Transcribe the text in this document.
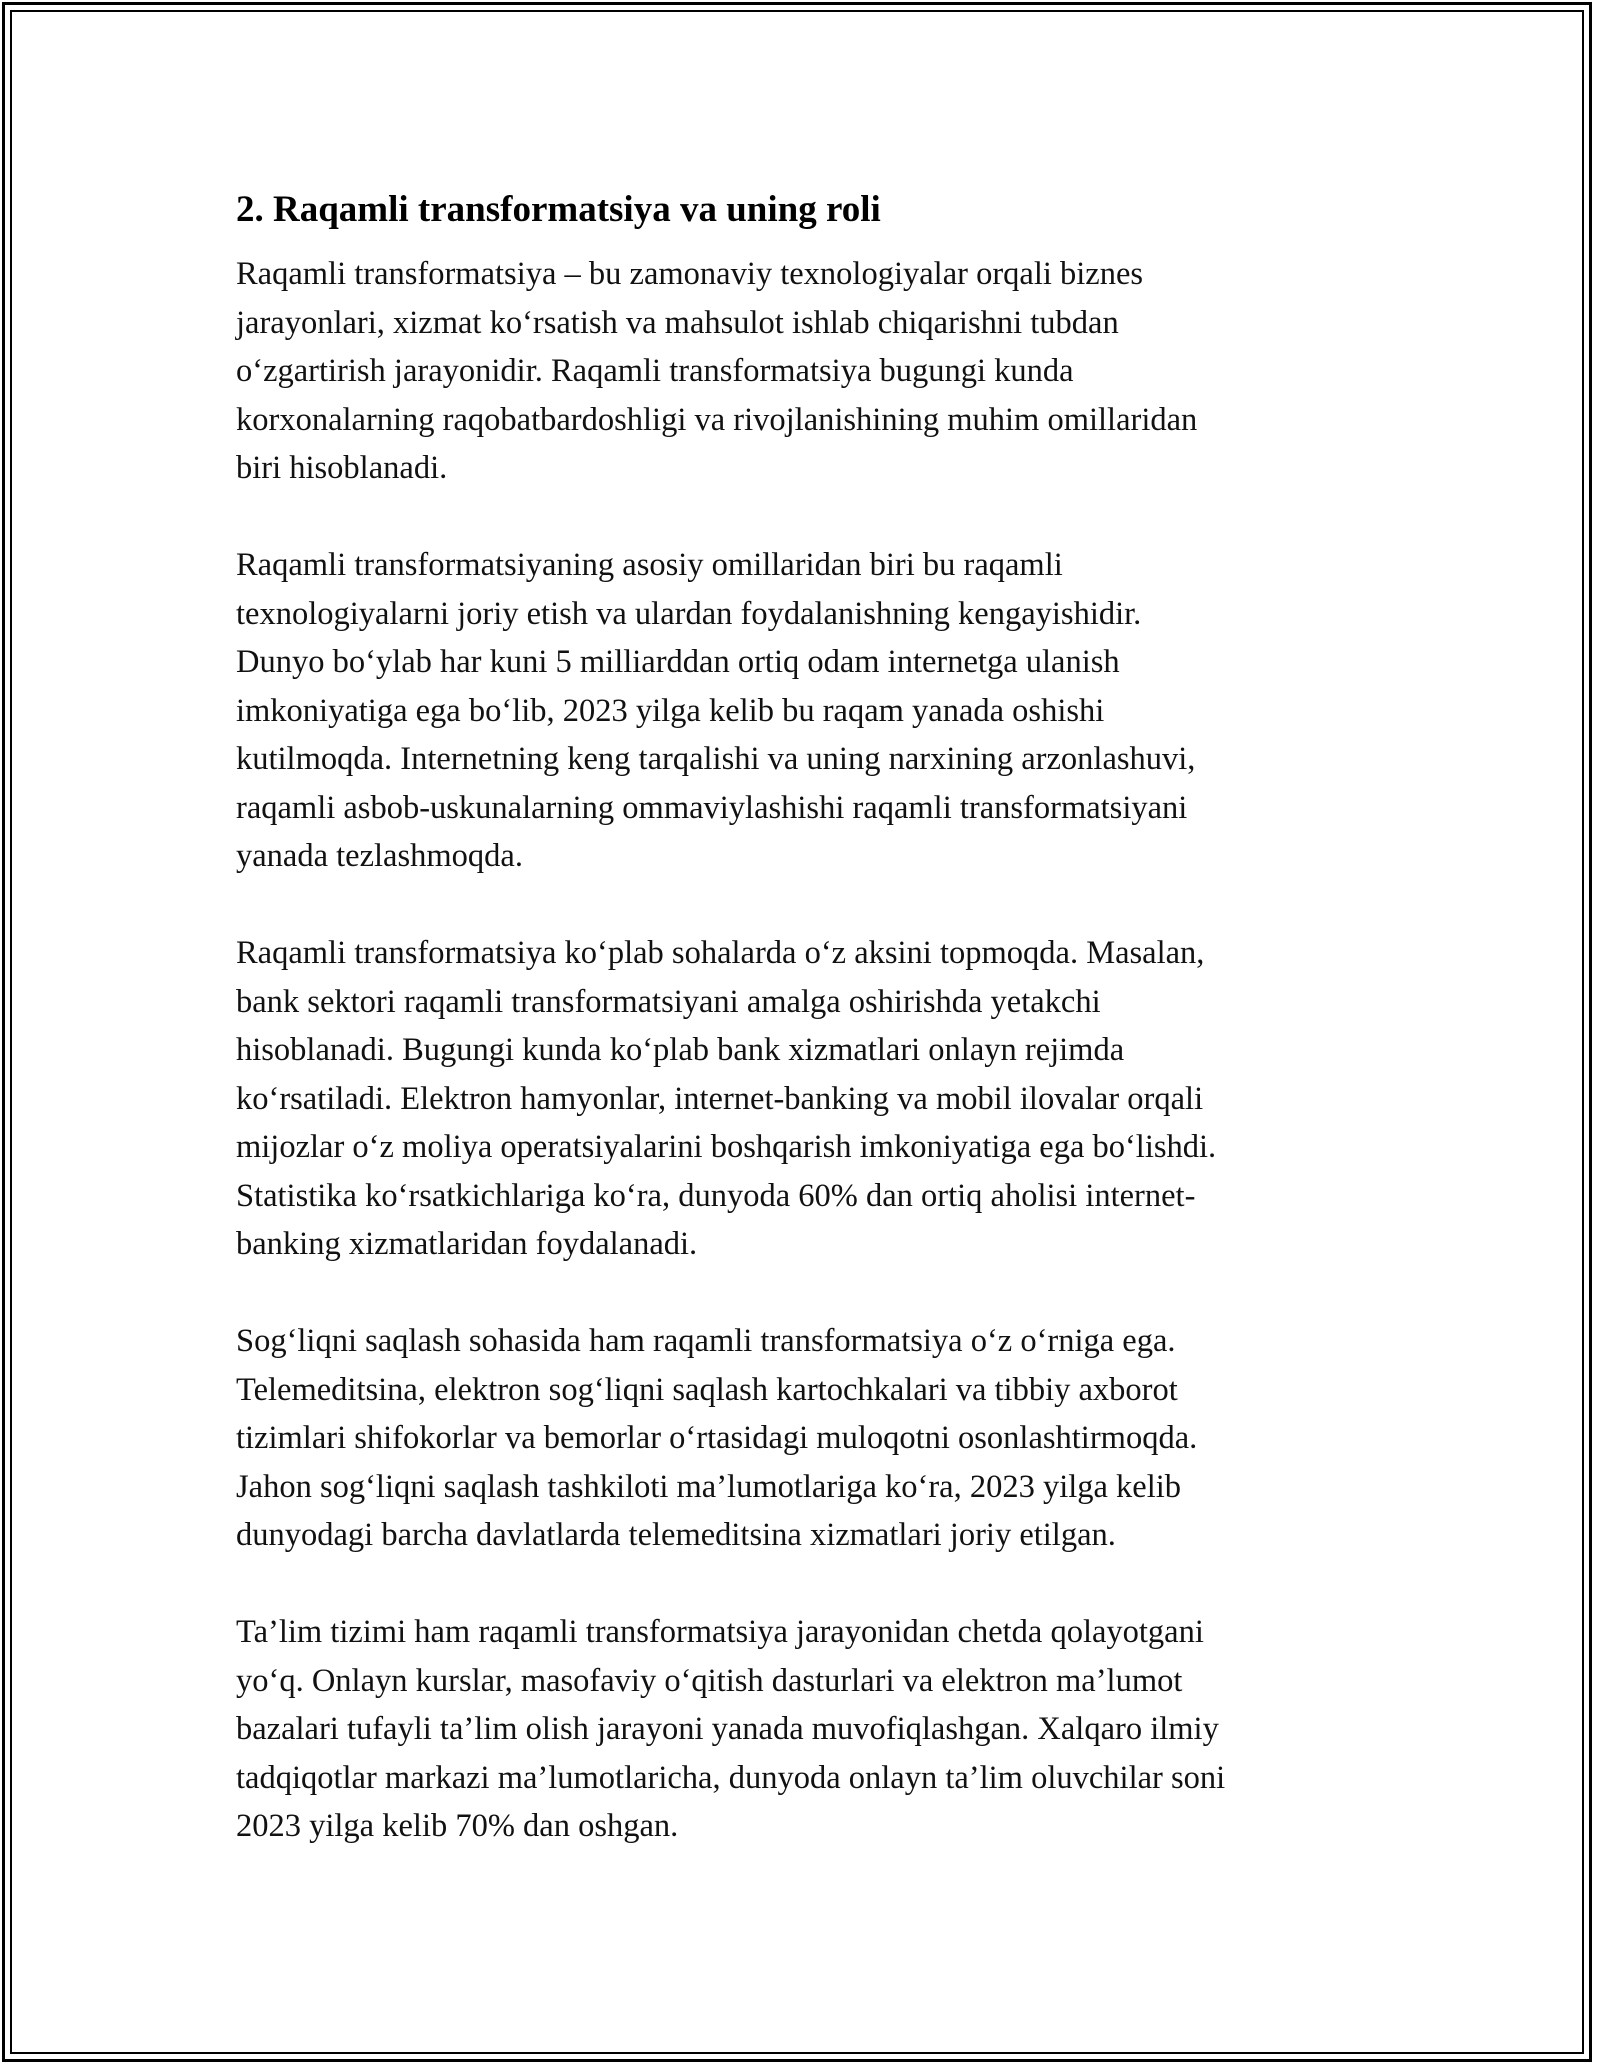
2. Raqamli transformatsiya va uning roli

Raqamli transformatsiya – bu zamonaviy texnologiyalar orqali biznes
jarayonlari, xizmat ko‘rsatish va mahsulot ishlab chiqarishni tubdan
o‘zgartirish jarayonidir. Raqamli transformatsiya bugungi kunda
korxonalarning raqobatbardoshligi va rivojlanishining muhim omillaridan
biri hisoblanadi.

Raqamli transformatsiyaning asosiy omillaridan biri bu raqamli
texnologiyalarni joriy etish va ulardan foydalanishning kengayishidir.
Dunyo bo‘ylab har kuni 5 milliarddan ortiq odam internetga ulanish
imkoniyatiga ega bo‘lib, 2023 yilga kelib bu raqam yanada oshishi
kutilmoqda. Internetning keng tarqalishi va uning narxining arzonlashuvi,
raqamli asbob-uskunalarning ommaviylashishi raqamli transformatsiyani
yanada tezlashmoqda.

Raqamli transformatsiya ko‘plab sohalarda o‘z aksini topmoqda. Masalan,
bank sektori raqamli transformatsiyani amalga oshirishda yetakchi
hisoblanadi. Bugungi kunda ko‘plab bank xizmatlari onlayn rejimda
ko‘rsatiladi. Elektron hamyonlar, internet-banking va mobil ilovalar orqali
mijozlar o‘z moliya operatsiyalarini boshqarish imkoniyatiga ega bo‘lishdi.
Statistika ko‘rsatkichlariga ko‘ra, dunyoda 60% dan ortiq aholisi internet-
banking xizmatlaridan foydalanadi.

Sog‘liqni saqlash sohasida ham raqamli transformatsiya o‘z o‘rniga ega.
Telemeditsina, elektron sog‘liqni saqlash kartochkalari va tibbiy axborot
tizimlari shifokorlar va bemorlar o‘rtasidagi muloqotni osonlashtirmoqda.
Jahon sog‘liqni saqlash tashkiloti ma’lumotlariga ko‘ra, 2023 yilga kelib
dunyodagi barcha davlatlarda telemeditsina xizmatlari joriy etilgan.

Ta’lim tizimi ham raqamli transformatsiya jarayonidan chetda qolayotgani
yo‘q. Onlayn kurslar, masofaviy o‘qitish dasturlari va elektron ma’lumot
bazalari tufayli ta’lim olish jarayoni yanada muvofiqlashgan. Xalqaro ilmiy
tadqiqotlar markazi ma’lumotlaricha, dunyoda onlayn ta’lim oluvchilar soni
2023 yilga kelib 70% dan oshgan.
